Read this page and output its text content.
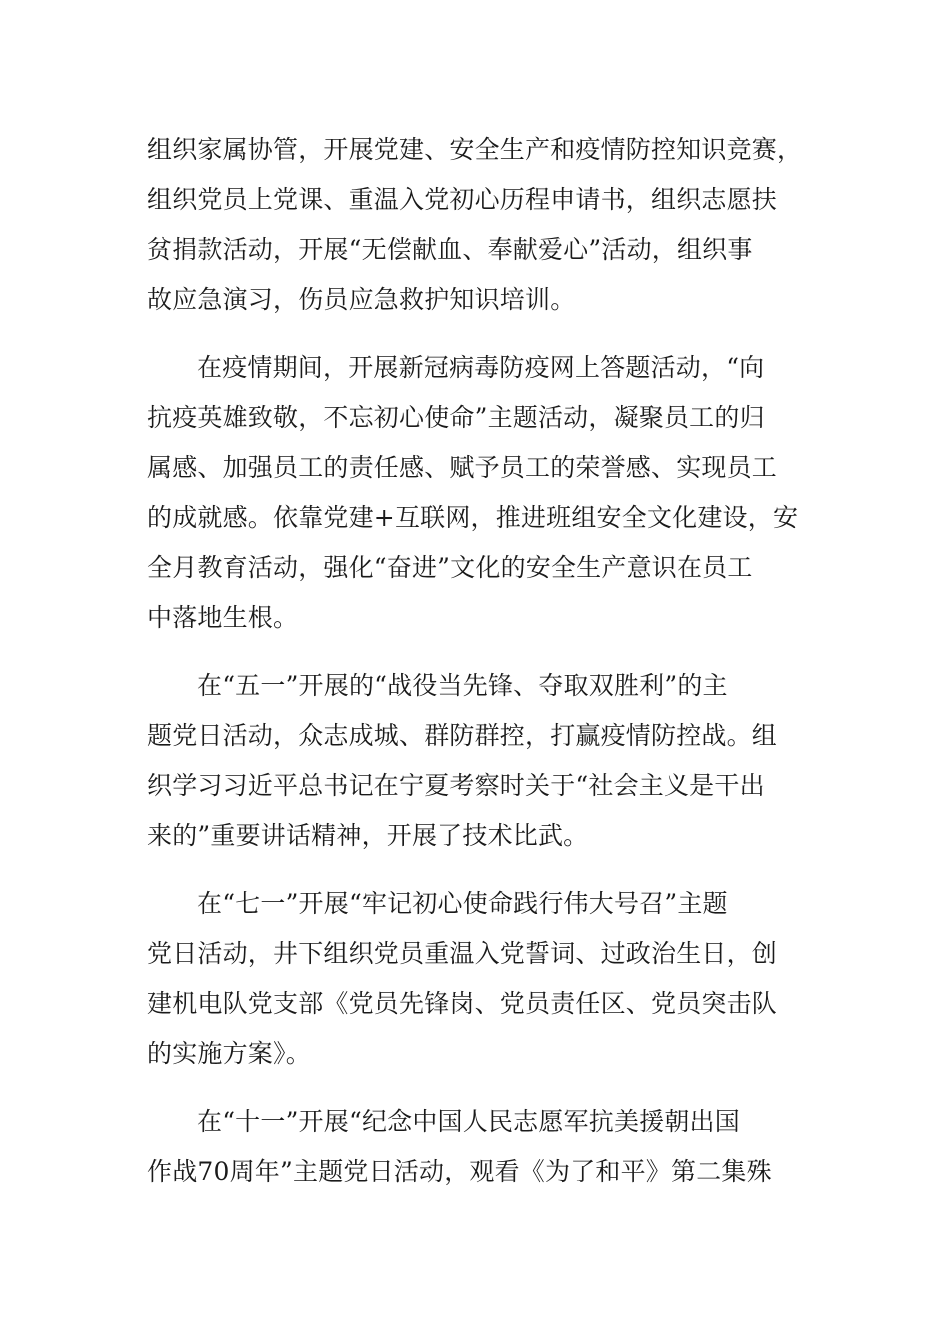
组织家属协管，开展党建、安全生产和疫情防控知识竞赛，
组织党员上党课、重温入党初心历程申请书，组织志愿扶
贫捐款活动，开展“无偿献血、奉献爱心”活动，组织事
故应急演习，伤员应急救护知识培训。
在疫情期间，开展新冠病毒防疫网上答题活动，“向
抗疫英雄致敬，不忘初心使命”主题活动，凝聚员工的归
属感、加强员工的责任感、赋予员工的荣誉感、实现员工
的成就感。依靠党建+互联网，推进班组安全文化建设，安
全月教育活动，强化“奋进”文化的安全生产意识在员工
中落地生根。
在“五一”开展的“战役当先锋、夺取双胜利”的主
题党日活动，众志成城、群防群控，打赢疫情防控战。组
织学习习近平总书记在宁夏考察时关于“社会主义是干出
来的”重要讲话精神，开展了技术比武。
在“七一”开展“牢记初心使命践行伟大号召”主题
党日活动，井下组织党员重温入党誓词、过政治生日，创
建机电队党支部《党员先锋岗、党员责任区、党员突击队
的实施方案》。
在“十一”开展“纪念中国人民志愿军抗美援朝出国
作战70周年”主题党日活动，观看《为了和平》第二集殊
